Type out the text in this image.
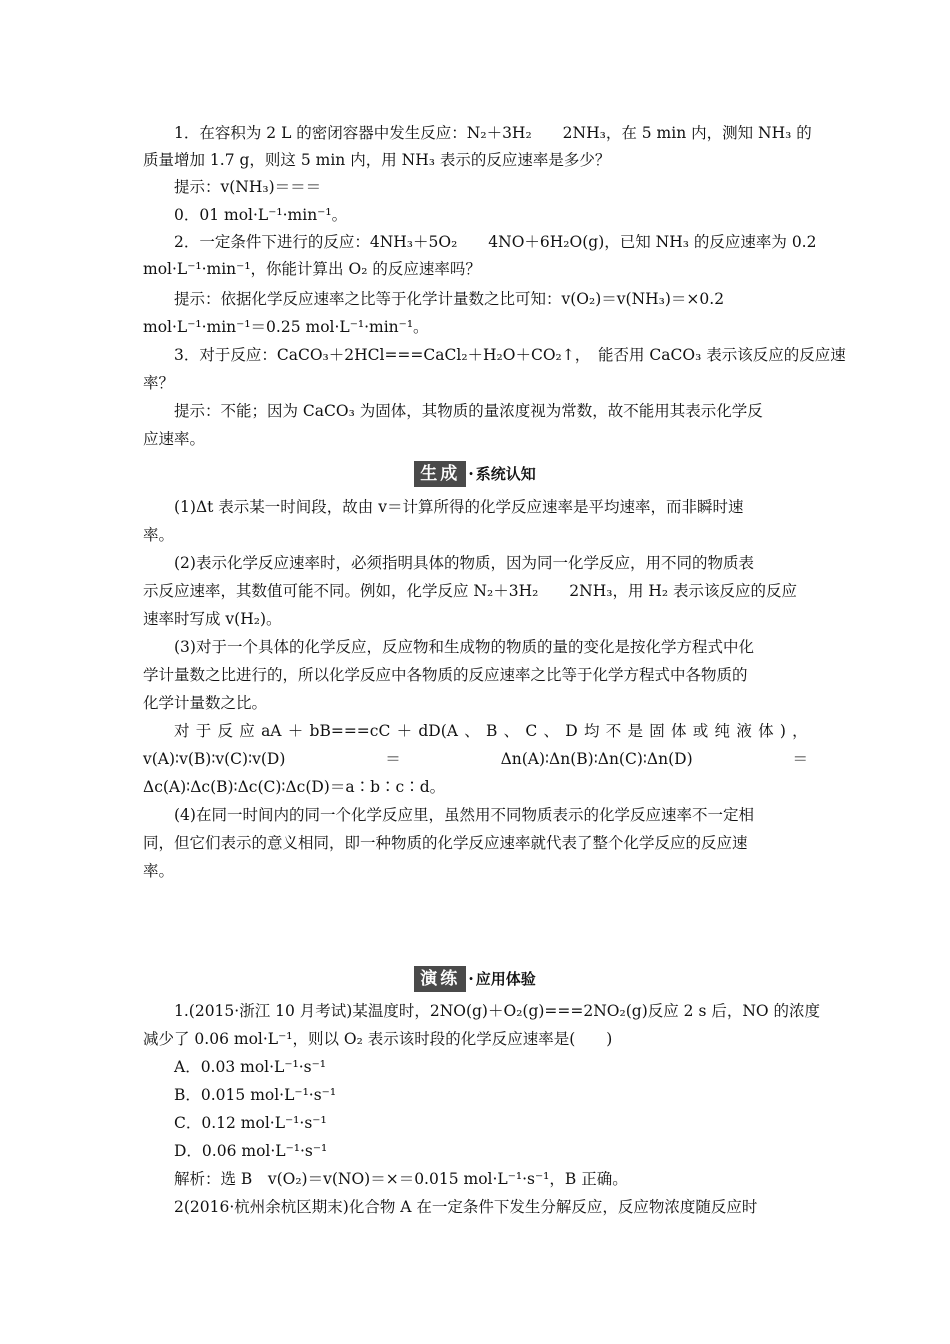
1．在容积为 2 L 的密闭容器中发生反应：N₂＋3H₂　　2NH₃，在 5 min 内，测知 NH₃ 的
质量增加 1.7 g，则这 5 min 内，用 NH₃ 表示的反应速率是多少？
提示：v(NH₃)＝＝＝
0．01 mol·L⁻¹·min⁻¹。
2．一定条件下进行的反应：4NH₃＋5O₂　　4NO＋6H₂O(g)，已知 NH₃ 的反应速率为 0.2
mol·L⁻¹·min⁻¹，你能计算出 O₂ 的反应速率吗？
提示：依据化学反应速率之比等于化学计量数之比可知：v(O₂)＝v(NH₃)＝×0.2
mol·L⁻¹·min⁻¹＝0.25 mol·L⁻¹·min⁻¹。
3．对于反应：CaCO₃＋2HCl===CaCl₂＋H₂O＋CO₂↑，　能否用 CaCO₃ 表示该反应的反应速
率？
提示：不能；因为 CaCO₃ 为固体，其物质的量浓度视为常数，故不能用其表示化学反
应速率。
生成 · 系统认知
(1)Δt 表示某一时间段，故由 v＝计算所得的化学反应速率是平均速率，而非瞬时速
率。
(2)表示化学反应速率时，必须指明具体的物质，因为同一化学反应，用不同的物质表
示反应速率，其数值可能不同。例如，化学反应 N₂＋3H₂　　2NH₃，用 H₂ 表示该反应的反应
速率时写成 v(H₂)。
(3)对于一个具体的化学反应，反应物和生成物的物质的量的变化是按化学方程式中化
学计量数之比进行的，所以化学反应中各物质的反应速率之比等于化学方程式中各物质的
化学计量数之比。
对 于 反 应 aA ＋ bB===cC ＋ dD(A 、 B 、 C 、 D 均 不 是 固 体 或 纯 液 体 ) ，
v(A)∶v(B)∶v(C)∶v(D)	＝	Δn(A)∶Δn(B)∶Δn(C)∶Δn(D)	＝
Δc(A)∶Δc(B)∶Δc(C)∶Δc(D)＝a∶b∶c∶d。
(4)在同一时间内的同一个化学反应里，虽然用不同物质表示的化学反应速率不一定相
同，但它们表示的意义相同，即一种物质的化学反应速率就代表了整个化学反应的反应速
率。
演练 · 应用体验
1.(2015·浙江 10 月考试)某温度时，2NO(g)＋O₂(g)===2NO₂(g)反应 2 s 后，NO 的浓度
减少了 0.06 mol·L⁻¹，则以 O₂ 表示该时段的化学反应速率是(　　)
A．0.03 mol·L⁻¹·s⁻¹
B．0.015 mol·L⁻¹·s⁻¹
C．0.12 mol·L⁻¹·s⁻¹
D．0.06 mol·L⁻¹·s⁻¹
解析：选 B　v(O₂)＝v(NO)＝×＝0.015 mol·L⁻¹·s⁻¹，B 正确。
2(2016·杭州余杭区期末)化合物 A 在一定条件下发生分解反应，反应物浓度随反应时
